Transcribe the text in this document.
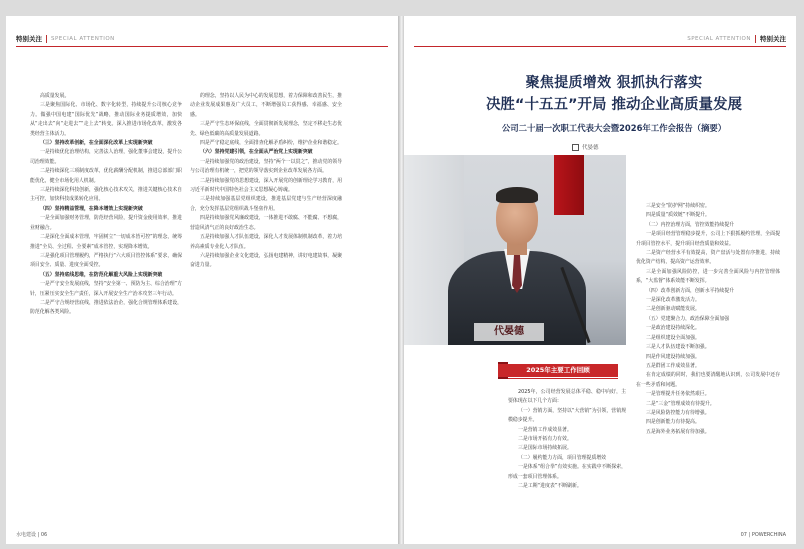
特别关注 SPECIAL ATTENTION

高质量发展。

三是聚焦国际化、市场化、数字化转型，持续提升公司核心竞争力。做强中国电建“国际优先”战略，推动国际业务提质增效，加快从“走出去”向“走进去”“走上去”转变。深入推进市场化改革，激发各类经营主体活力。

（三）坚持改革创新，在全面深化改革上实现新突破

一是持续优化治理结构，完善法人治理，强化董事会建设，提升公司治理效能。

二是持续深化三项制度改革，优化薪酬分配机制，推进总部部门职能优化，健全市场化用人机制。

三是持续深化科技创新，强化核心技术攻关，推进关键核心技术自主可控，加快科技成果转化应用。

（四）坚持精益管理，在降本增效上实现新突破

一是全面加强财务管理，防范经营风险，提升资金使用效率，推进业财融合。

二是深化全面成本管理，牢固树立“一切成本皆可控”的理念，统筹推进“全员、全过程、全要素”成本管控，实现降本增效。

三是强化项目管理履约，严格执行“六大项目管控体系”要求，确保项目安全、质量、进度全面受控。

（五）坚持底线思维，在防范化解重大风险上实现新突破

一是严守安全发展底线，坚持“安全第一、预防为主、综合治理”方针，压紧压实安全生产责任，深入开展安全生产治本攻坚三年行动。

二是严守合规经营底线，推进依法治企，强化合规管理体系建设，防范化解各类风险。

的理念，坚持以人民为中心的发展思想，着力保障和改善民生，推动企业发展成果惠及广大员工，不断增强员工获得感、幸福感、安全感。

三是严守生态环保底线，全面贯彻新发展理念，坚定不移走生态优先、绿色低碳的高质量发展道路。

四是严守稳定底线，全面排查化解矛盾纠纷，维护企业和谐稳定。

（六）坚持党建引领，在全面从严治党上实现新突破

一是持续加强党的政治建设，坚持“两个一以贯之”，推动党的领导与公司治理有机统一，把党的领导落实到企业改革发展各方面。

二是持续加强党的思想建设，深入开展党的创新理论学习教育，用习近平新时代中国特色社会主义思想凝心铸魂。

三是持续加强基层党组织建设，推进基层党建与生产经营深度融合，充分发挥基层党组织战斗堡垒作用。

四是持续加强党风廉政建设，一体推进不敢腐、不能腐、不想腐，营造风清气正的良好政治生态。

五是持续加强人才队伍建设，深化人才发展体制机制改革，着力培养高素质专业化人才队伍。

六是持续加强企业文化建设，弘扬电建精神，讲好电建故事，凝聚奋进力量。

水电建设 | 06
SPECIAL ATTENTION 特别关注
聚焦提质增效 狠抓执行落实
决胜“十五五”开局 推动企业高质量发展
公司二十届一次职工代表大会暨2026年工作会报告（摘要）
代晏德
代晏德

三是安全“防护网”持续织密。

四是质量“质效链”不断提升。

（二）内控治理方面，管控效能持续提升

一是项目经营管理稳步提升，公司上下狠抓履约管理，全面提升项目管控水平，提升项目经营质量和效益。

二是资产经营水平有效提高，资产盘活与处置有序推进，持续优化资产结构，提高资产运营效率。

三是全面加强风险防控，进一步完善全面风险与内控管理体系，“大监督”体系效能不断发挥。

（四）改革创新方面，创新水平持续提升

一是深化改革激发活力。

二是创新驱动赋能发展。

（五）党建聚合力，政治保障全面加强

一是政治建设持续深化。

二是组织建设全面加强。

三是人才队伍建设不断加强。

四是作风建设持续加强。

五是群团工作成效显著。

在肯定成绩的同时，我们也要清醒地认识到，公司发展中还存在一些矛盾和问题。

一是管理提升任务依然艰巨。

二是“三金”管理成效有待提升。

三是风险防控能力有待增强。

四是创新能力有待提高。

五是海外业务拓展有待加强。

2025年主要工作回顾

2025年，公司经营发展总体平稳、稳中向好，主要体现在以下几个方面：

（一）营销方面，坚持以“大营销”为引领，营销规模稳步提升。

一是营销工作成效显著。

二是市场开拓有力有效。

三是国际市场持续拓展。

（二）履约能力方面，项目管理提质增效

一是体系“组合拳”有效实施。在实践中不断探索，形成一套项目管理体系。

二是工期“进度表”不断刷新。

07 | POWERCHINA
